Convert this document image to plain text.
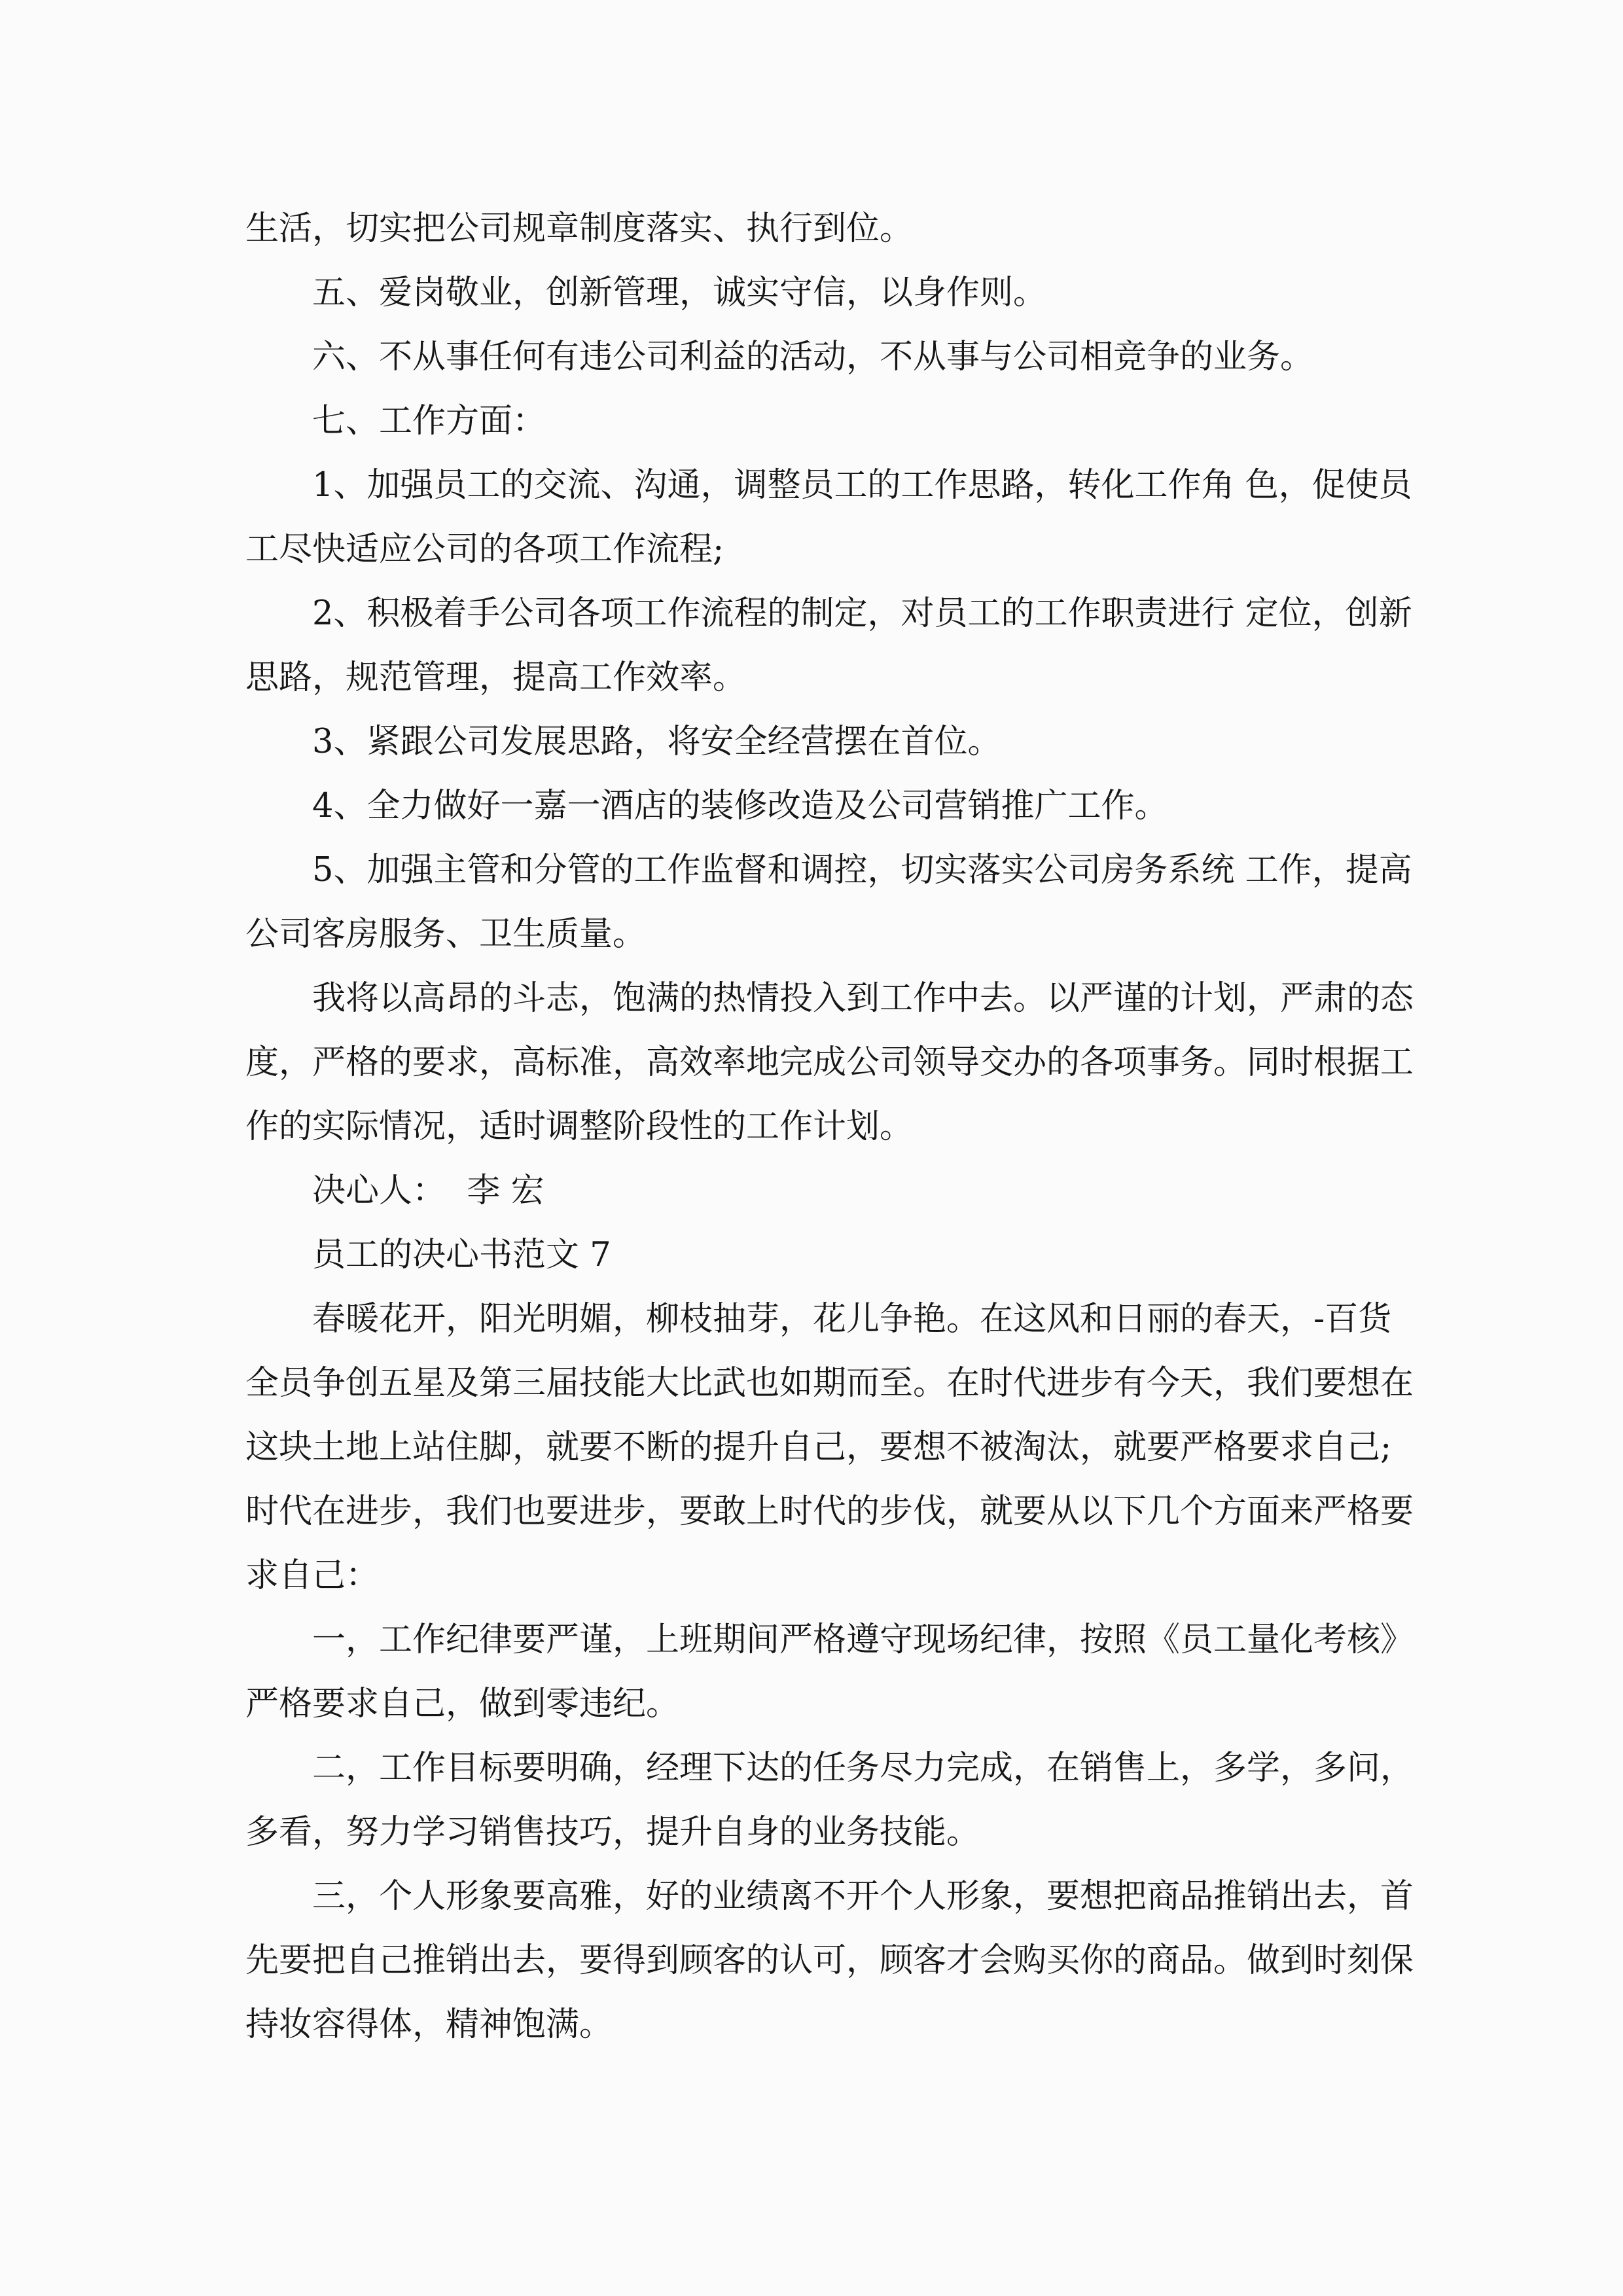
生活，切实把公司规章制度落实、执行到位。
五、爱岗敬业，创新管理，诚实守信，以身作则。
六、不从事任何有违公司利益的活动，不从事与公司相竞争的业务。
七、工作方面：
1、加强员工的交流、沟通，调整员工的工作思路，转化工作角 色，促使员
工尽快适应公司的各项工作流程;
2、积极着手公司各项工作流程的制定，对员工的工作职责进行 定位，创新
思路，规范管理，提高工作效率。
3、紧跟公司发展思路，将安全经营摆在首位。
4、全力做好一嘉一酒店的装修改造及公司营销推广工作。
5、加强主管和分管的工作监督和调控，切实落实公司房务系统 工作，提高
公司客房服务、卫生质量。
我将以高昂的斗志，饱满的热情投入到工作中去。以严谨的计划，严肃的态
度，严格的要求，高标准，高效率地完成公司领导交办的各项事务。同时根据工
作的实际情况，适时调整阶段性的工作计划。
决心人：  李 宏
员工的决心书范文 7
春暖花开，阳光明媚，柳枝抽芽，花儿争艳。在这风和日丽的春天，-百货
全员争创五星及第三届技能大比武也如期而至。在时代进步有今天，我们要想在
这块土地上站住脚，就要不断的提升自己，要想不被淘汰，就要严格要求自己;
时代在进步，我们也要进步，要敢上时代的步伐，就要从以下几个方面来严格要
求自己：
一，工作纪律要严谨，上班期间严格遵守现场纪律，按照《员工量化考核》
严格要求自己，做到零违纪。
二，工作目标要明确，经理下达的任务尽力完成，在销售上，多学，多问，
多看，努力学习销售技巧，提升自身的业务技能。
三，个人形象要高雅，好的业绩离不开个人形象，要想把商品推销出去，首
先要把自己推销出去，要得到顾客的认可，顾客才会购买你的商品。做到时刻保
持妆容得体，精神饱满。
